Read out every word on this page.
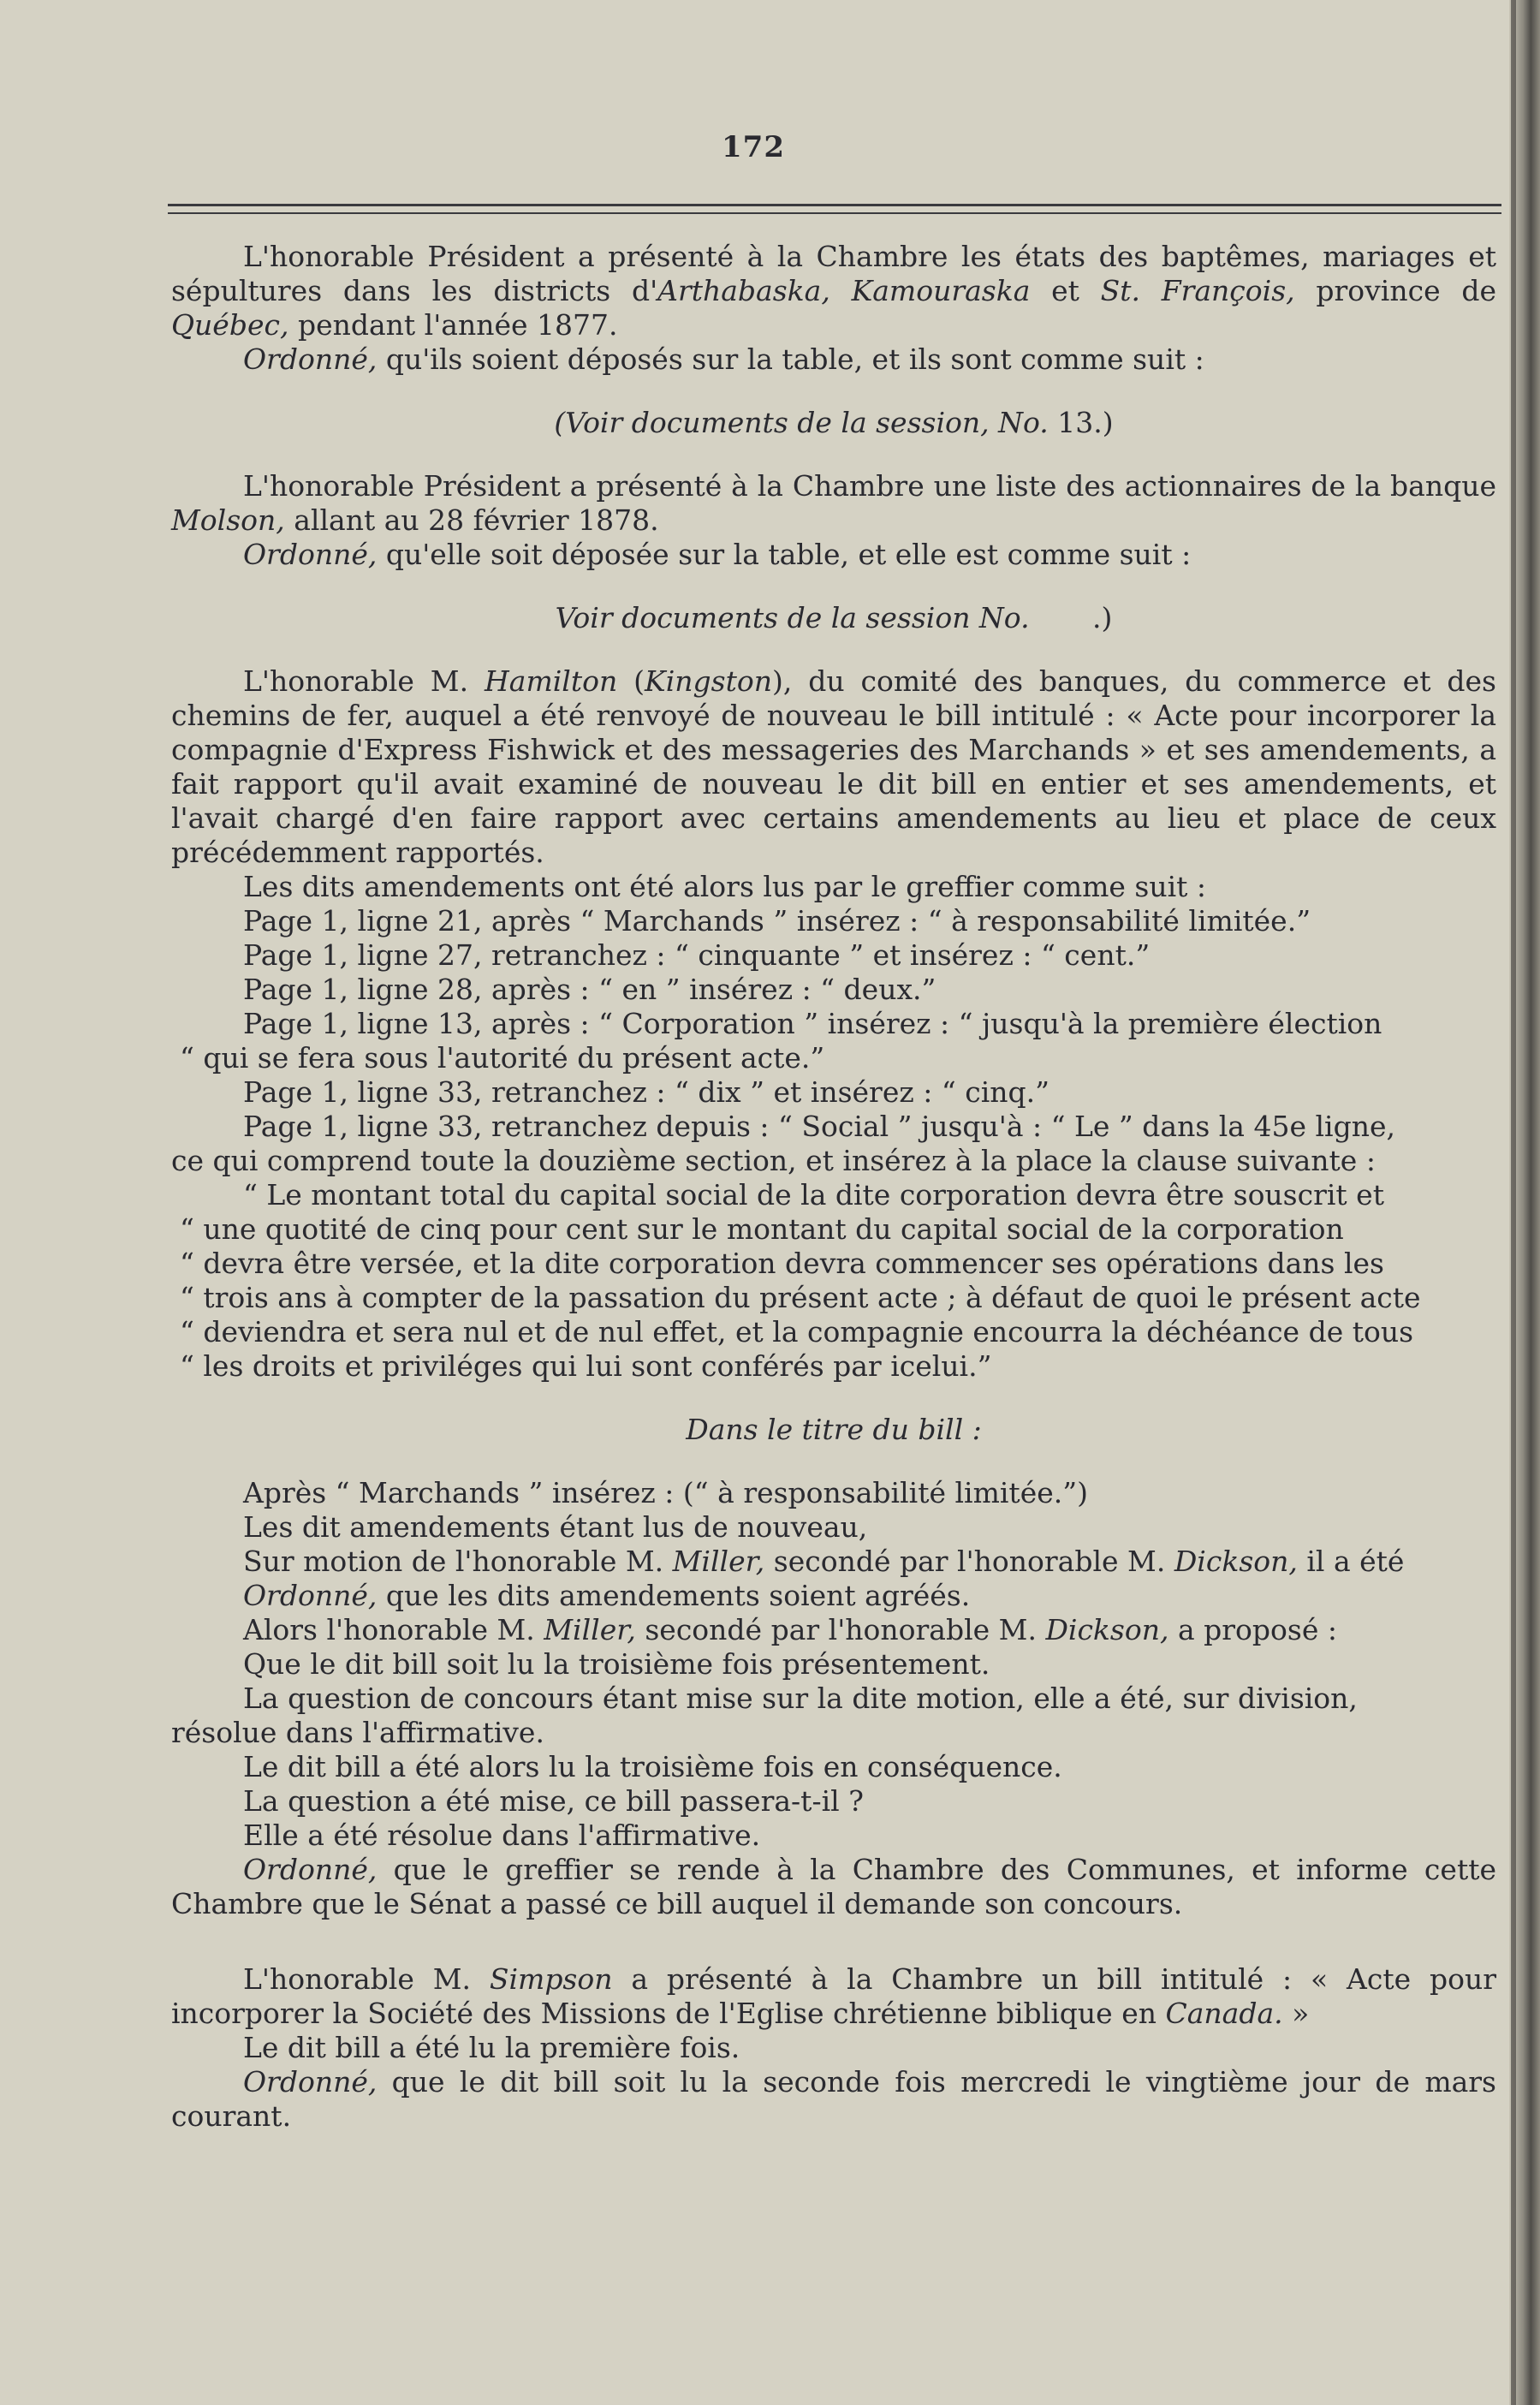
172

L'honorable Président a présenté à la Chambre les états des baptêmes, mariages et sépultures dans les districts d'Arthabaska, Kamouraska et St. François, province de Québec, pendant l'année 1877.

Ordonné, qu'ils soient déposés sur la table, et ils sont comme suit :

(Voir documents de la session, No. 13.)

L'honorable Président a présenté à la Chambre une liste des actionnaires de la banque Molson, allant au 28 février 1878.

Ordonné, qu'elle soit déposée sur la table, et elle est comme suit :

Voir documents de la session No.       .)

L'honorable M. Hamilton (Kingston), du comité des banques, du commerce et des chemins de fer, auquel a été renvoyé de nouveau le bill intitulé : « Acte pour incorporer la compagnie d'Express Fishwick et des messageries des Marchands » et ses amendements, a fait rapport qu'il avait examiné de nouveau le dit bill en entier et ses amendements, et l'avait chargé d'en faire rapport avec certains amendements au lieu et place de ceux précédemment rapportés.

Les dits amendements ont été alors lus par le greffier comme suit :

Page 1, ligne 21, après “ Marchands ” insérez : “ à responsabilité limitée.”

Page 1, ligne 27, retranchez : “ cinquante ” et insérez : “ cent.”

Page 1, ligne 28, après : “ en ” insérez : “ deux.”

Page 1, ligne 13, après : “ Corporation ” insérez : “ jusqu'à la première élection

“ qui se fera sous l'autorité du présent acte.”

Page 1, ligne 33, retranchez : “ dix ” et insérez : “ cinq.”

Page 1, ligne 33, retranchez depuis : “ Social ” jusqu'à : “ Le ” dans la 45e ligne,

ce qui comprend toute la douzième section, et insérez à la place la clause suivante :

“ Le montant total du capital social de la dite corporation devra être souscrit et

“ une quotité de cinq pour cent sur le montant du capital social de la corporation

“ devra être versée, et la dite corporation devra commencer ses opérations dans les

“ trois ans à compter de la passation du présent acte ; à défaut de quoi le présent acte

“ deviendra et sera nul et de nul effet, et la compagnie encourra la déchéance de tous

“ les droits et priviléges qui lui sont conférés par icelui.”

Dans le titre du bill :

Après “ Marchands ” insérez : (“ à responsabilité limitée.”)

Les dit amendements étant lus de nouveau,

Sur motion de l'honorable M. Miller, secondé par l'honorable M. Dickson, il a été

Ordonné, que les dits amendements soient agréés.

Alors l'honorable M. Miller, secondé par l'honorable M. Dickson, a proposé :

Que le dit bill soit lu la troisième fois présentement.

La question de concours étant mise sur la dite motion, elle a été, sur division,

résolue dans l'affirmative.

Le dit bill a été alors lu la troisième fois en conséquence.

La question a été mise, ce bill passera-t-il ?

Elle a été résolue dans l'affirmative.

Ordonné, que le greffier se rende à la Chambre des Communes, et informe cette Chambre que le Sénat a passé ce bill auquel il demande son concours.

L'honorable M. Simpson a présenté à la Chambre un bill intitulé : « Acte pour incorporer la Société des Missions de l'Eglise chrétienne biblique en Canada. »

Le dit bill a été lu la première fois.

Ordonné, que le dit bill soit lu la seconde fois mercredi le vingtième jour de mars courant.
